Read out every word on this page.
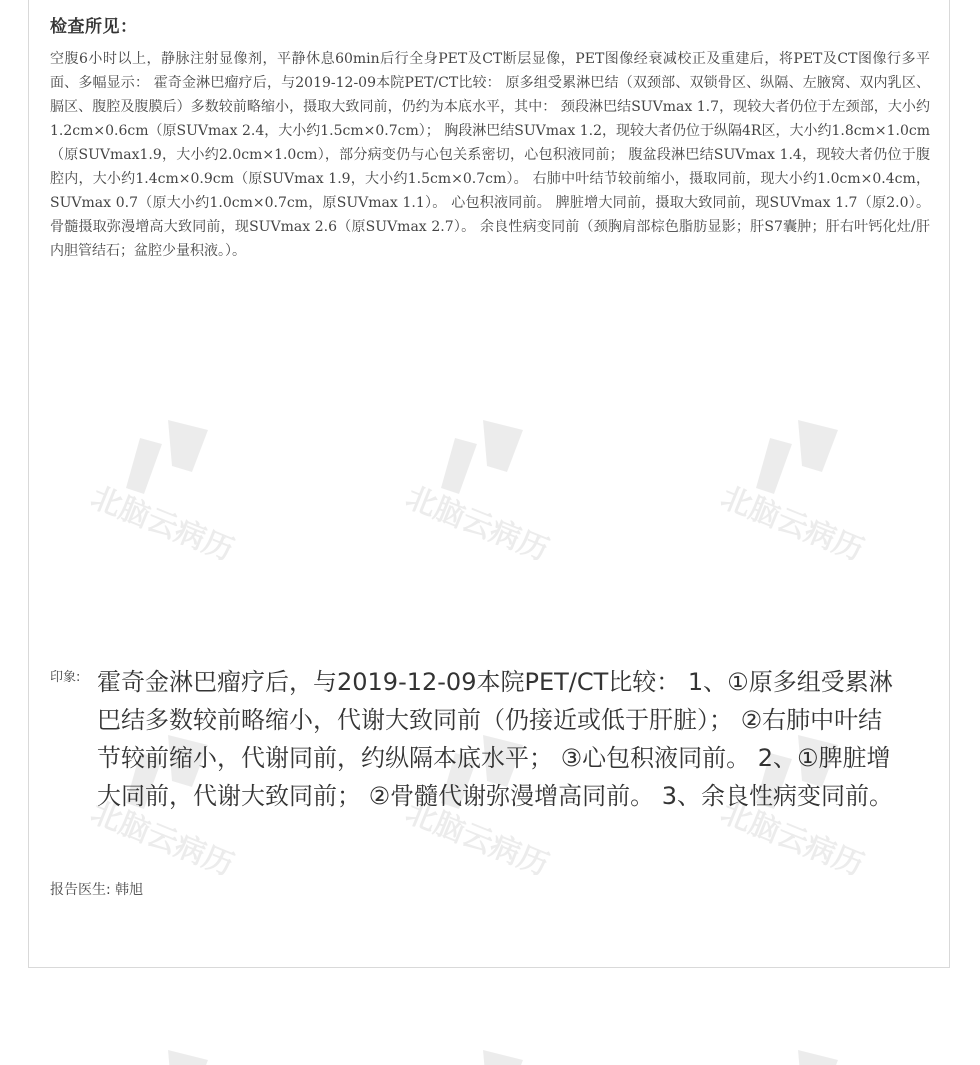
检查所见：

空腹6小时以上，静脉注射显像剂，平静休息60min后行全身PET及CT断层显像，PET图像经衰减校正及重建后，将PET及CT图像行多平面、多幅显示： 霍奇金淋巴瘤疗后，与2019-12-09本院PET/CT比较： 原多组受累淋巴结（双颈部、双锁骨区、纵隔、左腋窝、双内乳区、膈区、腹腔及腹膜后）多数较前略缩小，摄取大致同前，仍约为本底水平，其中： 颈段淋巴结SUVmax 1.7，现较大者仍位于左颈部，大小约1.2cm×0.6cm（原SUVmax 2.4，大小约1.5cm×0.7cm）； 胸段淋巴结SUVmax 1.2，现较大者仍位于纵隔4R区，大小约1.8cm×1.0cm（原SUVmax1.9，大小约2.0cm×1.0cm），部分病变仍与心包关系密切，心包积液同前； 腹盆段淋巴结SUVmax 1.4，现较大者仍位于腹腔内，大小约1.4cm×0.9cm（原SUVmax 1.9，大小约1.5cm×0.7cm）。 右肺中叶结节较前缩小，摄取同前，现大小约1.0cm×0.4cm，SUVmax 0.7（原大小约1.0cm×0.7cm，原SUVmax 1.1）。 心包积液同前。 脾脏增大同前，摄取大致同前，现SUVmax 1.7（原2.0）。 骨髓摄取弥漫增高大致同前，现SUVmax 2.6（原SUVmax 2.7）。 余良性病变同前（颈胸肩部棕色脂肪显影；肝S7囊肿；肝右叶钙化灶/肝内胆管结石；盆腔少量积液。）。

印象: 霍奇金淋巴瘤疗后，与2019-12-09本院PET/CT比较： 1、①原多组受累淋巴结多数较前略缩小，代谢大致同前（仍接近或低于肝脏）； ②右肺中叶结节较前缩小，代谢同前，约纵隔本底水平； ③心包积液同前。 2、①脾脏增大同前，代谢大致同前； ②骨髓代谢弥漫增高同前。 3、余良性病变同前。

报告医生: 韩旭
